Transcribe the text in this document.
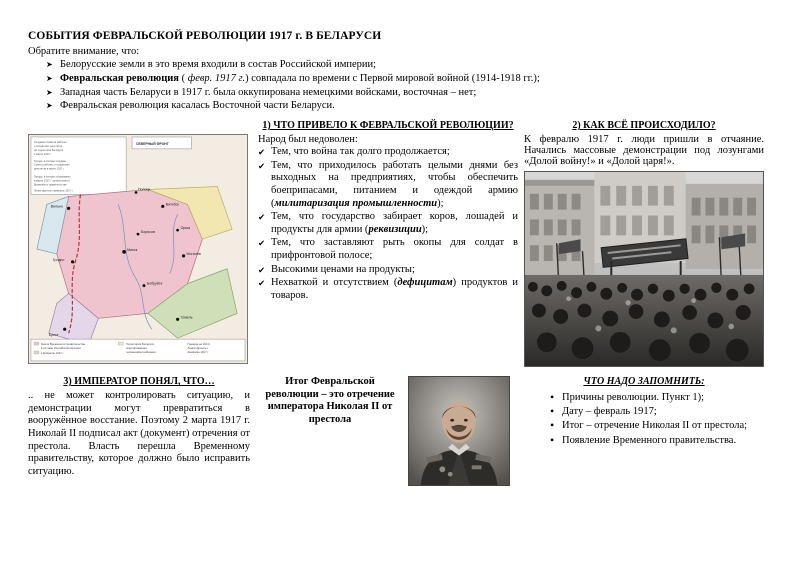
СОБЫТИЯ ФЕВРАЛЬСКОЙ РЕВОЛЮЦИИ 1917 г. В БЕЛАРУСИ

Обратите внимание, что:

➤ Белорусские земли в это время входили в состав Российской империи;
➤ Февральская революция ( февр. 1917 г.) совпадала по времени с Первой мировой войной (1914-1918 гг.);
➤ Западная часть Беларуси в 1917 г. была оккупирована немецкими войсками, восточная – нет;
➤ Февральская революция касалась Восточной части Беларуси.
Создание Советов рабочих
и солдатских депутатов
на территории Беларуси
в марте 1917 г.
Города, в которых созданы
Советы рабочих и солдатских
депутатов в марте 1917 г.
Города, в которых образованы
в марте 1917 г. органы власти
Временного правительства
Линия фронта к февралю 1917 г.
СЕВЕРНЫЙ ФРОНТ
Минск
Витебск
Могилёв
Гомель
Брест
Гродно
Вильно
Бобруйск
Борисов
Орша
Полоцк
Земли Временного правительства
в составе Российской империи
к февралю 1917 г.
Территория Беларуси,
оккупированная
германскими войсками
Граница на 1914 г.
Линия фронта к
февралю 1917 г.
1) ЧТО ПРИВЕЛО К ФЕВРАЛЬСКОЙ РЕВОЛЮЦИИ?

Народ был недоволен:

✔ Тем, что война так долго продолжается;
✔ Тем, что приходилось работать целыми днями без выходных на предприятиях, чтобы обеспечить боеприпасами, питанием и одеждой армию (милитаризация промышленности);
✔ Тем, что государство забирает коров, лошадей и продукты для армии (реквизиции);
✔ Тем, что заставляют рыть окопы для солдат в прифронтовой полосе;
✔ Высокими ценами на продукты;
✔ Нехваткой и отсутствием (дефицитам) продуктов и товаров.
2) КАК ВСЁ ПРОИСХОДИЛО?

К февралю 1917 г. люди пришли в отчаяние. Начались массовые демонстрации под лозунгами «Долой войну!» и «Долой царя!».

3) ИМПЕРАТОР ПОНЯЛ, ЧТО…

.. не может контролировать ситуацию, и демонстрации могут превратиться в вооружённое восстание. Поэтому 2 марта 1917 г. Николай II подписал акт (документ) отречения от престола. Власть перешла Временному правительству, которое должно было исправить ситуацию.

Итог Февральской революции – это отречение императора Николая II от престола
ЧТО НАДО ЗАПОМНИТЬ:
• Причины революции. Пункт 1);
• Дату – февраль 1917;
• Итог – отречение Николая II от престола;
• Появление Временного правительства.
